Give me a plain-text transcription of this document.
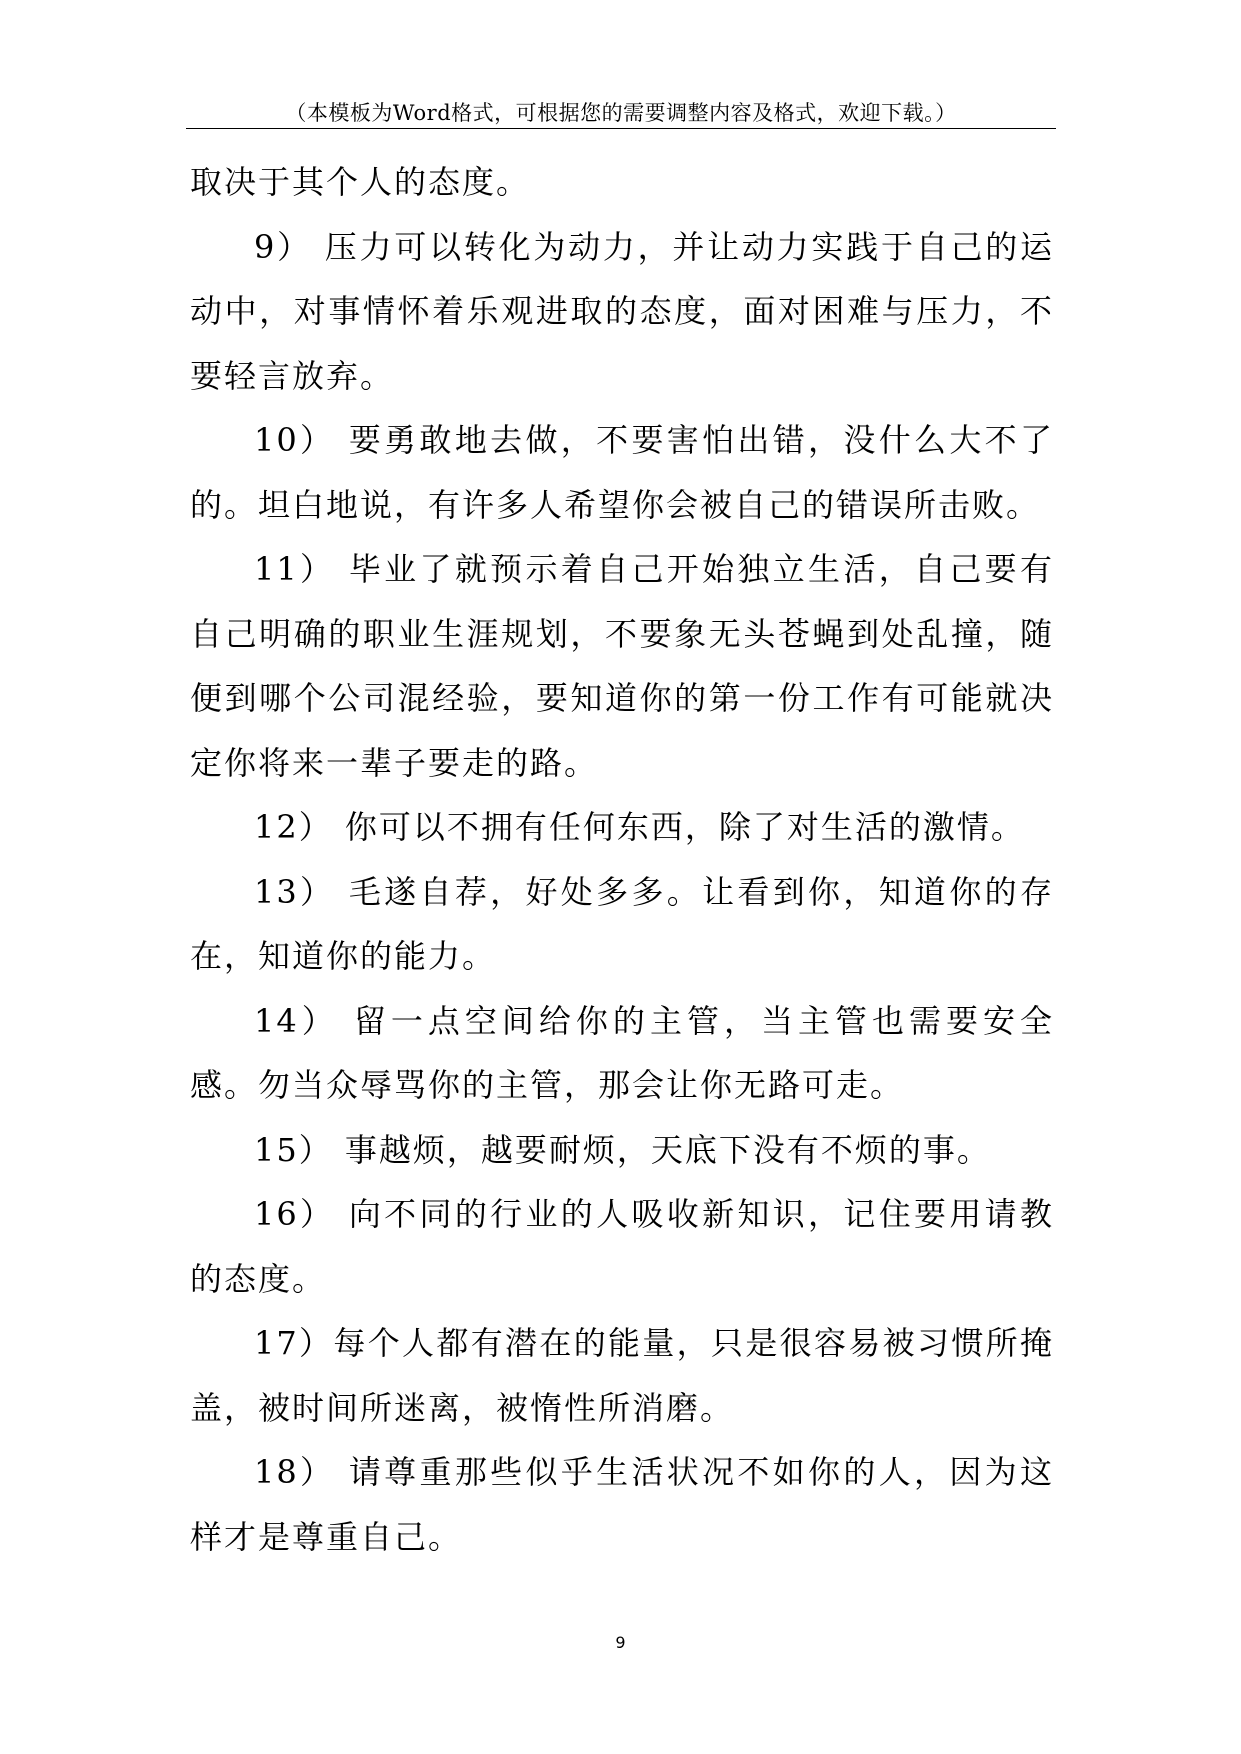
（本模板为Word格式，可根据您的需要调整内容及格式，欢迎下载。）

取决于其个人的态度。

9） 压力可以转化为动力，并让动力实践于自己的运动中，对事情怀着乐观进取的态度，面对困难与压力，不要轻言放弃。

10） 要勇敢地去做，不要害怕出错，没什么大不了的。坦白地说，有许多人希望你会被自己的错误所击败。

11） 毕业了就预示着自己开始独立生活，自己要有自己明确的职业生涯规划，不要象无头苍蝇到处乱撞，随便到哪个公司混经验，要知道你的第一份工作有可能就决定你将来一辈子要走的路。

12） 你可以不拥有任何东西，除了对生活的激情。

13） 毛遂自荐，好处多多。让看到你，知道你的存在，知道你的能力。

14） 留一点空间给你的主管，当主管也需要安全感。勿当众辱骂你的主管，那会让你无路可走。

15） 事越烦，越要耐烦，天底下没有不烦的事。

16） 向不同的行业的人吸收新知识，记住要用请教的态度。

17）每个人都有潜在的能量，只是很容易被习惯所掩盖，被时间所迷离，被惰性所消磨。

18） 请尊重那些似乎生活状况不如你的人，因为这样才是尊重自己。

9
